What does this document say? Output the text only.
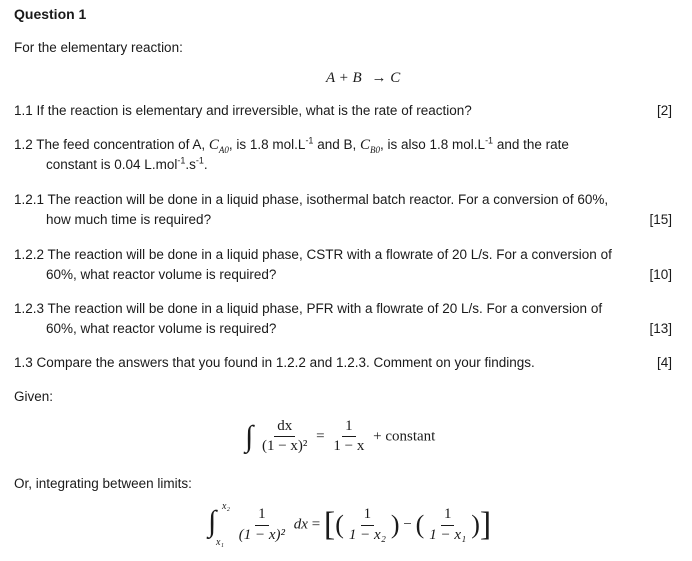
Question 1
For the elementary reaction:
A + B → C
1.1 If the reaction is elementary and irreversible, what is the rate of reaction?	[2]
1.2 The feed concentration of A, $C_{A0}$, is 1.8 $mol.L^{-1}$ and B, $C_{B0}$, is also 1.8 $mol.L^{-1}$ and the rate
constant is 0.04 $L.mol^{-1}.s^{-1}$.
1.2.1 The reaction will be done in a liquid phase, isothermal batch reactor. For a conversion of 60%,
how much time is required?	[15]
1.2.2 The reaction will be done in a liquid phase, CSTR with a flowrate of 20 L/s. For a conversion of
60%, what reactor volume is required?	[10]
1.2.3 The reaction will be done in a liquid phase, PFR with a flowrate of 20 L/s. For a conversion of
60%, what reactor volume is required?	[13]
1.3 Compare the answers that you found in 1.2.2 and 1.2.3. Comment on your findings.	[4]
Given:
∫ $\frac{dx}{\text{(1 − x)²}} = \frac{1}{1 - x}$ + constant
Or, integrating between limits:
∫ x₂
x₁
$\frac{1}{\text{(1 − x)²}}$ dx = [( $\frac{1}{\text{1 − x₂}}$ ) − ( $\frac{1}{\text{1 − x₁}}$ )]
